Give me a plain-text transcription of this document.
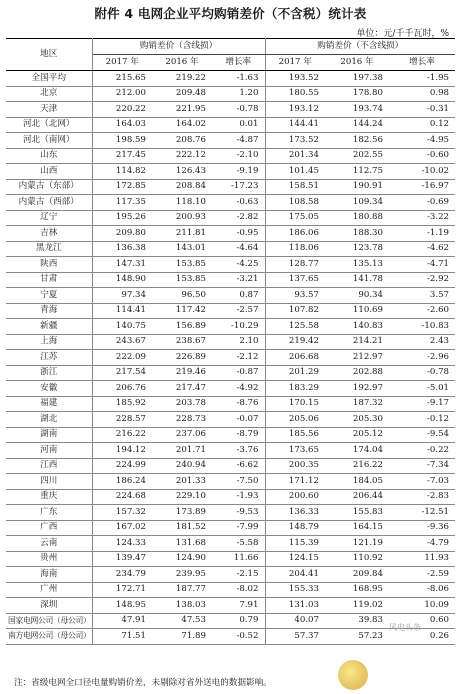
附件 4 电网企业平均购销差价（不含税）统计表
单位：元/千千瓦时，%
地区	购销差价（含线损）			购销差价（不含线损）		
	2017 年	2016 年	增长率	2017 年	2016 年	增长率
全国平均	215.65	219.22	-1.63	193.52	197.38	-1.95
北京	212.00	209.48	1.20	180.55	178.80	0.98
天津	220.22	221.95	-0.78	193.12	193.74	-0.31
河北（北网）	164.03	164.02	0.01	144.41	144.24	0.12
河北（南网）	198.59	208.76	-4.87	173.52	182.56	-4.95
山东	217.45	222.12	-2.10	201.34	202.55	-0.60
山西	114.82	126.43	-9.19	101.45	112.75	-10.02
内蒙古（东部）	172.85	208.84	-17.23	158.51	190.91	-16.97
内蒙古（西部）	117.35	118.10	-0.63	108.58	109.34	-0.69
辽宁	195.26	200.93	-2.82	175.05	180.88	-3.22
吉林	209.80	211.81	-0.95	186.06	188.30	-1.19
黑龙江	136.38	143.01	-4.64	118.06	123.78	-4.62
陕西	147.31	153.85	-4.25	128.77	135.13	-4.71
甘肃	148.90	153.85	-3.21	137.65	141.78	-2.92
宁夏	97.34	96.50	0.87	93.57	90.34	3.57
青海	114.41	117.42	-2.57	107.82	110.69	-2.60
新疆	140.75	156.89	-10.29	125.58	140.83	-10.83
上海	243.67	238.67	2.10	219.42	214.21	2.43
江苏	222.09	226.89	-2.12	206.68	212.97	-2.96
浙江	217.54	219.46	-0.87	201.29	202.88	-0.78
安徽	206.76	217.47	-4.92	183.29	192.97	-5.01
福建	185.92	203.78	-8.76	170.15	187.32	-9.17
湖北	228.57	228.73	-0.07	205.06	205.30	-0.12
湖南	216.22	237.06	-8.79	185.56	205.12	-9.54
河南	194.12	201.71	-3.76	173.65	174.04	-0.22
江西	224.99	240.94	-6.62	200.35	216.22	-7.34
四川	186.24	201.33	-7.50	171.12	184.05	-7.03
重庆	224.68	229.10	-1.93	200.60	206.44	-2.83
广东	157.32	173.89	-9.53	136.33	155.83	-12.51
广西	167.02	181.52	-7.99	148.79	164.15	-9.36
云南	124.33	131.68	-5.58	115.39	121.19	-4.79
贵州	139.47	124.90	11.66	124.15	110.92	11.93
海南	234.79	239.95	-2.15	204.41	209.84	-2.59
广州	172.71	187.77	-8.02	155.33	168.95	-8.06
深圳	148.95	138.03	7.91	131.03	119.02	10.09
国家电网公司（母公司）	47.91	47.53	0.79	40.07	39.83	0.60
南方电网公司（母公司）	71.51	71.89	-0.52	57.37	57.23	0.26
风电头条
注：省级电网全口径电量购销价差，未剔除对省外送电的数据影响。
